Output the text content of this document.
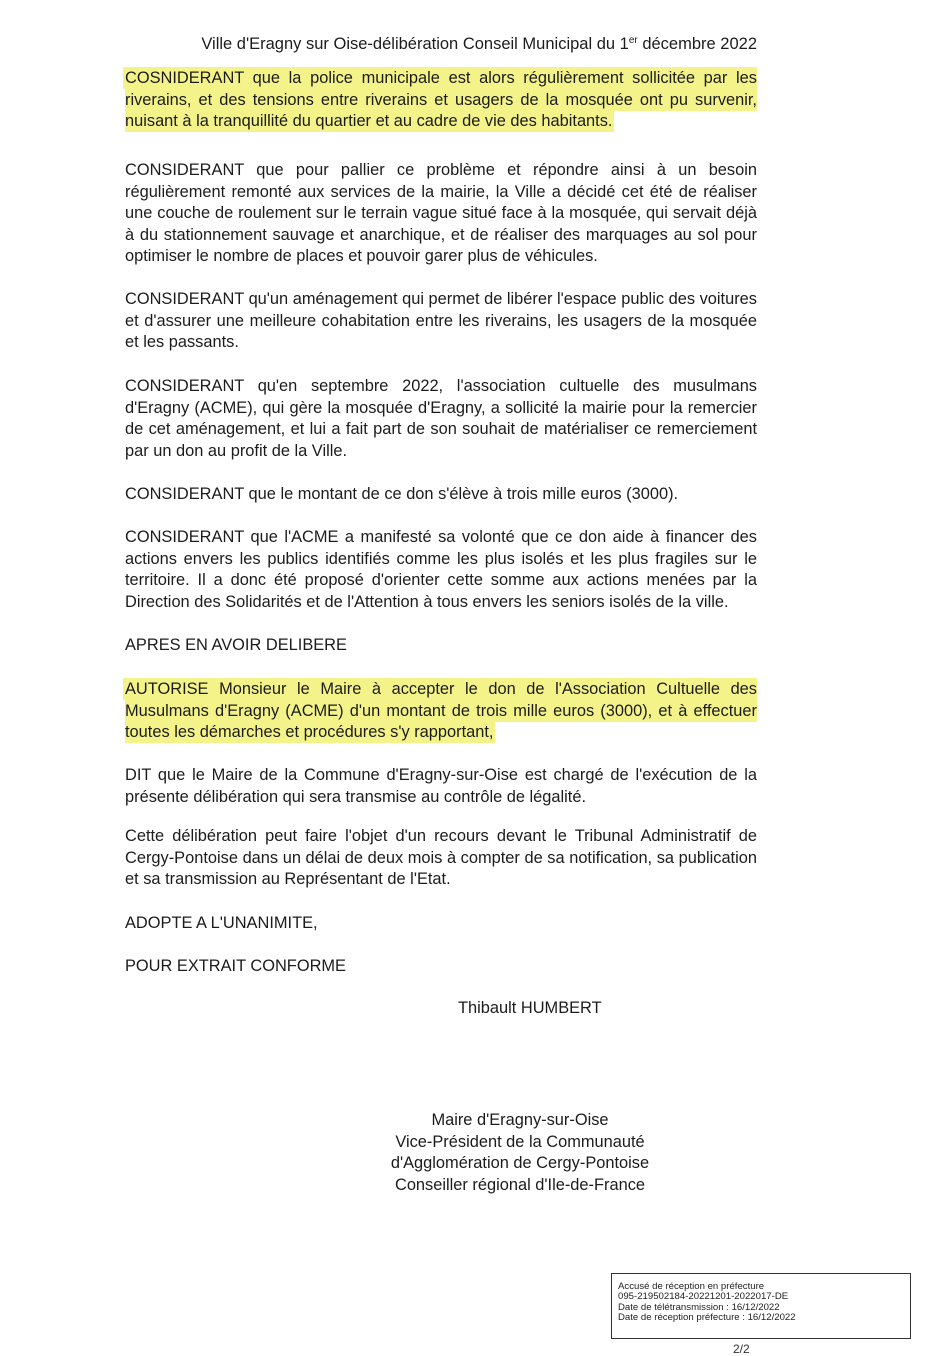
Ville d'Eragny sur Oise-délibération Conseil Municipal du 1er décembre 2022

COSNIDERANT que la police municipale est alors régulièrement sollicitée par les riverains, et des tensions entre riverains et usagers de la mosquée ont pu survenir, nuisant à la tranquillité du quartier et au cadre de vie des habitants.

CONSIDERANT que pour pallier ce problème et répondre ainsi à un besoin régulièrement remonté aux services de la mairie, la Ville a décidé cet été de réaliser une couche de roulement sur le terrain vague situé face à la mosquée, qui servait déjà à du stationnement sauvage et anarchique, et de réaliser des marquages au sol pour optimiser le nombre de places et pouvoir garer plus de véhicules.

CONSIDERANT qu'un aménagement qui permet de libérer l'espace public des voitures et d'assurer une meilleure cohabitation entre les riverains, les usagers de la mosquée et les passants.

CONSIDERANT qu'en septembre 2022, l'association cultuelle des musulmans d'Eragny (ACME), qui gère la mosquée d'Eragny, a sollicité la mairie pour la remercier de cet aménagement, et lui a fait part de son souhait de matérialiser ce remerciement par un don au profit de la Ville.

CONSIDERANT que le montant de ce don s'élève à trois mille euros (3000).

CONSIDERANT que l'ACME a manifesté sa volonté que ce don aide à financer des actions envers les publics identifiés comme les plus isolés et les plus fragiles sur le territoire. Il a donc été proposé d'orienter cette somme aux actions menées par la Direction des Solidarités et de l'Attention à tous envers les seniors isolés de la ville.

APRES EN AVOIR DELIBERE

AUTORISE Monsieur le Maire à accepter le don de l'Association Cultuelle des Musulmans d'Eragny (ACME) d'un montant de trois mille euros (3000), et à effectuer toutes les démarches et procédures s'y rapportant,

DIT que le Maire de la Commune d'Eragny-sur-Oise est chargé de l'exécution de la présente délibération qui sera transmise au contrôle de légalité.

Cette délibération peut faire l'objet d'un recours devant le Tribunal Administratif de Cergy-Pontoise dans un délai de deux mois à compter de sa notification, sa publication et sa transmission au Représentant de l'Etat.

ADOPTE A L'UNANIMITE,

POUR EXTRAIT CONFORME

Thibault HUMBERT
Maire d'Eragny-sur-Oise
Vice-Président de la Communauté
d'Agglomération de Cergy-Pontoise
Conseiller régional d'Ile-de-France
Accusé de réception en préfecture
095-219502184-20221201-2022017-DE
Date de télétransmission : 16/12/2022
Date de réception préfecture : 16/12/2022
2/2
